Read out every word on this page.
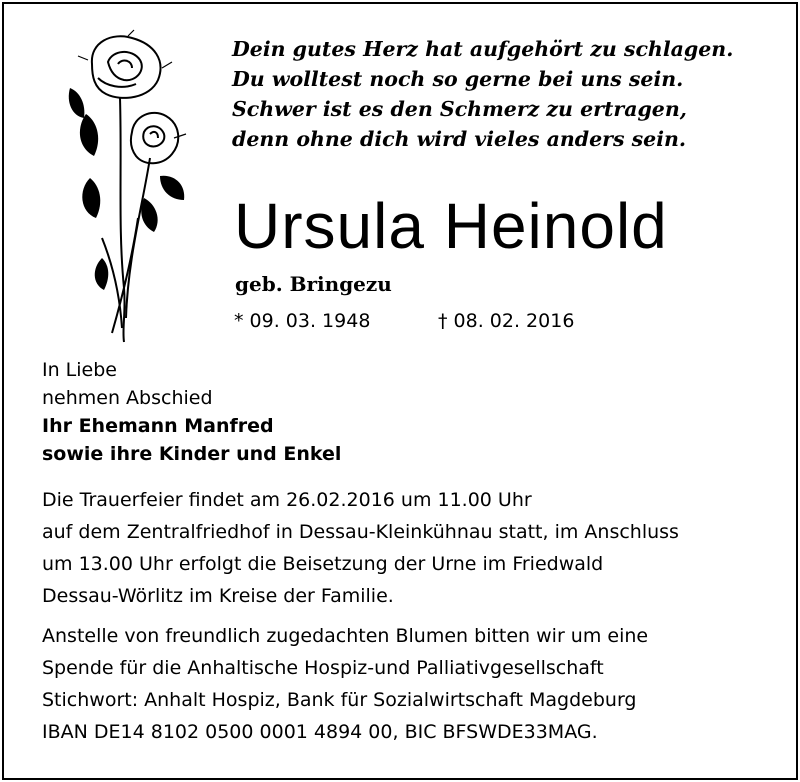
Dein gutes Herz hat aufgehört zu schlagen.
Du wolltest noch so gerne bei uns sein.
Schwer ist es den Schmerz zu ertragen,
denn ohne dich wird vieles anders sein.
Ursula Heinold
geb. Bringezu
* 09. 03. 1948	† 08. 02. 2016
In Liebe
nehmen Abschied
Ihr Ehemann Manfred
sowie ihre Kinder und Enkel
Die Trauerfeier findet am 26.02.2016 um 11.00 Uhr
auf dem Zentralfriedhof in Dessau-Kleinkühnau statt, im Anschluss
um 13.00 Uhr erfolgt die Beisetzung der Urne im Friedwald
Dessau-Wörlitz im Kreise der Familie.
Anstelle von freundlich zugedachten Blumen bitten wir um eine
Spende für die Anhaltische Hospiz-und Palliativgesellschaft
Stichwort: Anhalt Hospiz, Bank für Sozialwirtschaft Magdeburg
IBAN DE14 8102 0500 0001 4894 00, BIC BFSWDE33MAG.
